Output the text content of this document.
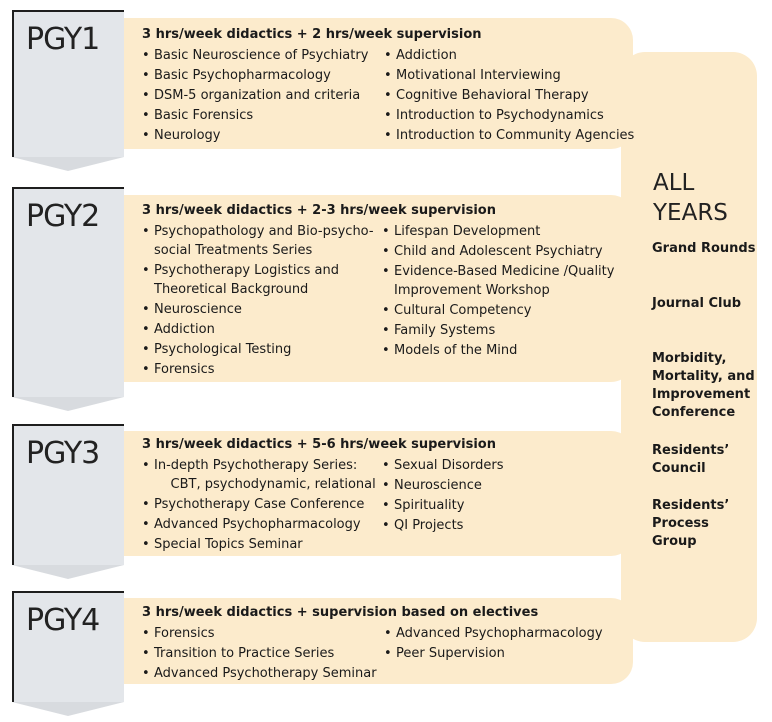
PGY1	3 hrs/week didactics + 2 hrs/week supervision
• Basic Neuroscience of Psychiatry
• Basic Psychopharmacology
• DSM-5 organization and criteria
• Basic Forensics
• Neurology
• Addiction
• Motivational Interviewing
• Cognitive Behavioral Therapy
• Introduction to Psychodynamics
• Introduction to Community Agencies
PGY2	3 hrs/week didactics + 2-3 hrs/week supervision
• Psychopathology and Bio-psycho-
social Treatments Series
• Psychotherapy Logistics and
Theoretical Background
• Neuroscience
• Addiction
• Psychological Testing
• Forensics
• Lifespan Development
• Child and Adolescent Psychiatry
• Evidence-Based Medicine /Quality
Improvement Workshop
• Cultural Competency
• Family Systems
• Models of the Mind
PGY3	3 hrs/week didactics + 5-6 hrs/week supervision
• In-depth Psychotherapy Series:
CBT, psychodynamic, relational
• Psychotherapy Case Conference
• Advanced Psychopharmacology
• Special Topics Seminar
• Sexual Disorders
• Neuroscience
• Spirituality
• QI Projects
PGY4	3 hrs/week didactics + supervision based on electives
• Forensics
• Transition to Practice Series
• Advanced Psychotherapy Seminar
• Advanced Psychopharmacology
• Peer Supervision
ALL YEARS
Grand Rounds
Journal Club
Morbidity, Mortality, and Improvement Conference
Residents’ Council
Residents’ Process Group
